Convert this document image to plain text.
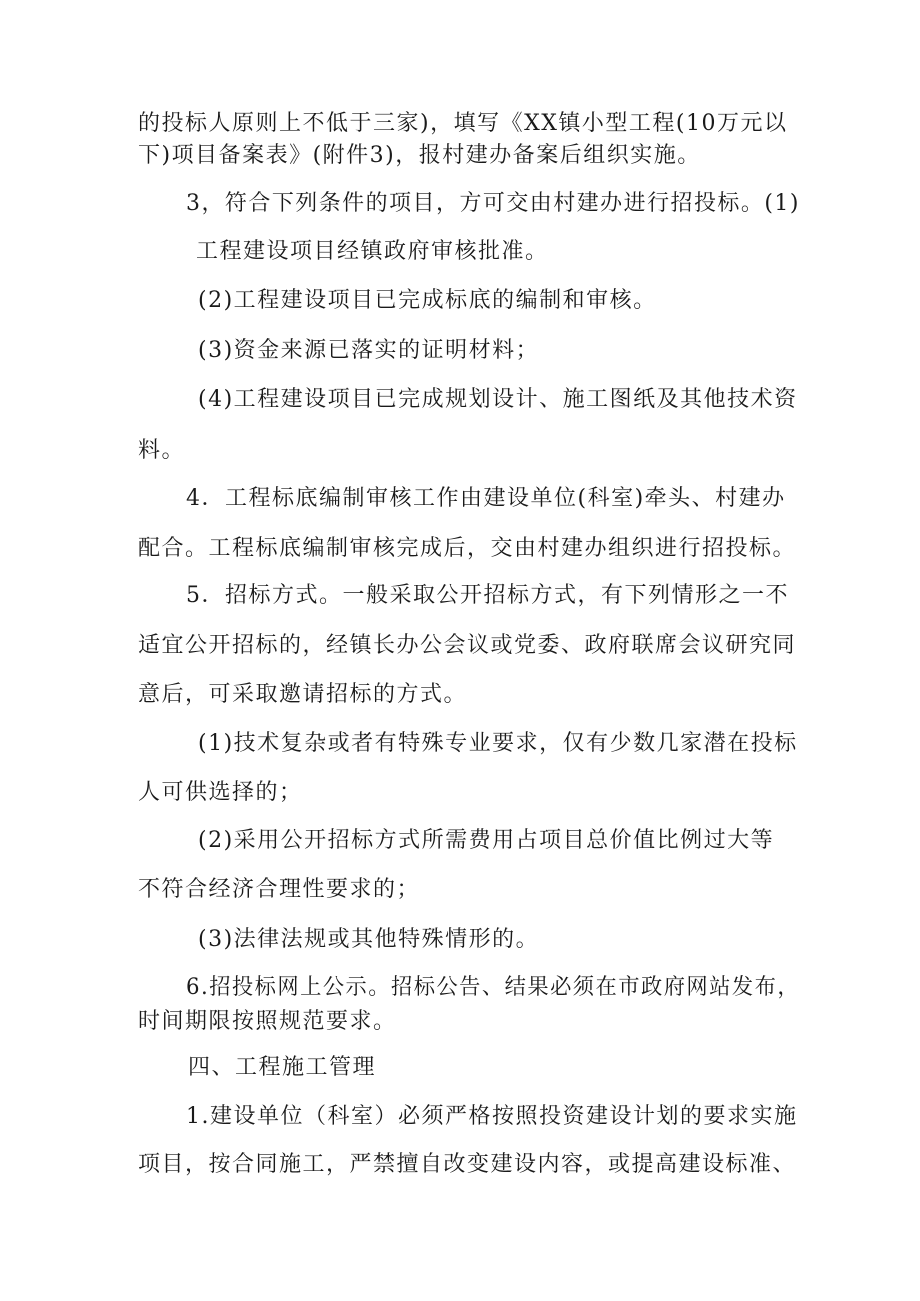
的投标人原则上不低于三家)，填写《XX镇小型工程(10万元以
下)项目备案表》(附件3)，报村建办备案后组织实施。
3，符合下列条件的项目，方可交由村建办进行招投标。(1)
工程建设项目经镇政府审核批准。
(2)工程建设项目已完成标底的编制和审核。
(3)资金来源已落实的证明材料；
(4)工程建设项目已完成规划设计、施工图纸及其他技术资
料。
4．工程标底编制审核工作由建设单位(科室)牵头、村建办
配合。工程标底编制审核完成后，交由村建办组织进行招投标。
5．招标方式。一般采取公开招标方式，有下列情形之一不
适宜公开招标的，经镇长办公会议或党委、政府联席会议研究同
意后，可采取邀请招标的方式。
(1)技术复杂或者有特殊专业要求，仅有少数几家潜在投标
人可供选择的；
(2)采用公开招标方式所需费用占项目总价值比例过大等
不符合经济合理性要求的；
(3)法律法规或其他特殊情形的。
6.招投标网上公示。招标公告、结果必须在市政府网站发布，
时间期限按照规范要求。
四、工程施工管理
1.建设单位（科室）必须严格按照投资建设计划的要求实施
项目，按合同施工，严禁擅自改变建设内容，或提高建设标准、
